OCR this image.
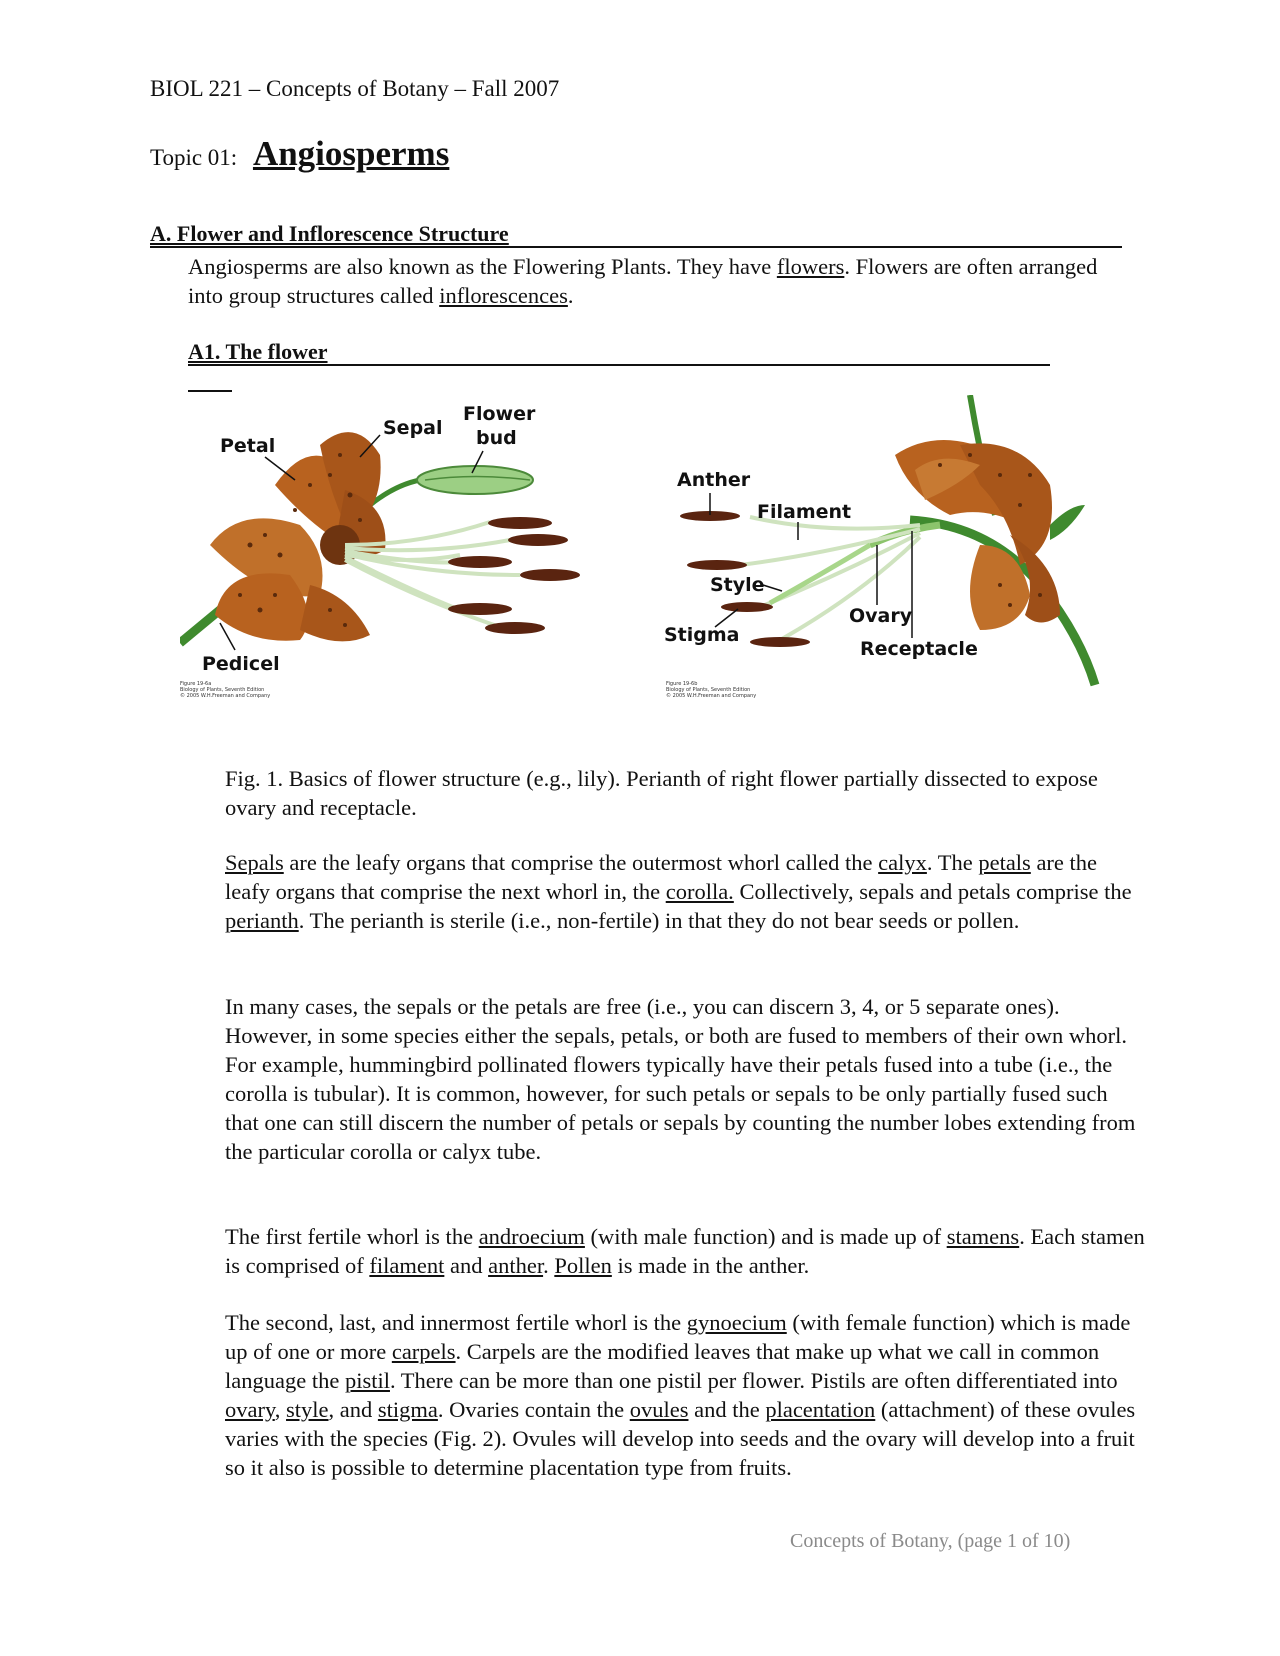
BIOL 221 – Concepts of Botany – Fall 2007
Topic 01: Angiosperms
A. Flower and Inflorescence Structure
Angiosperms are also known as the Flowering Plants. They have flowers. Flowers are often arranged into group structures called inflorescences.
A1. The flower
Petal
Sepal
Flower
bud
Pedicel
Figure 19-6a
Biology of Plants, Seventh Edition
© 2005 W.H.Freeman and Company
Anther
Filament
Style
Stigma
Ovary
Receptacle
Figure 19-6b
Biology of Plants, Seventh Edition
© 2005 W.H.Freeman and Company
Fig. 1. Basics of flower structure (e.g., lily). Perianth of right flower partially dissected to expose ovary and receptacle.
Sepals are the leafy organs that comprise the outermost whorl called the calyx. The petals are the leafy organs that comprise the next whorl in, the corolla. Collectively, sepals and petals comprise the perianth. The perianth is sterile (i.e., non-fertile) in that they do not bear seeds or pollen.
In many cases, the sepals or the petals are free (i.e., you can discern 3, 4, or 5 separate ones). However, in some species either the sepals, petals, or both are fused to members of their own whorl. For example, hummingbird pollinated flowers typically have their petals fused into a tube (i.e., the corolla is tubular). It is common, however, for such petals or sepals to be only partially fused such that one can still discern the number of petals or sepals by counting the number lobes extending from the particular corolla or calyx tube.
The first fertile whorl is the androecium (with male function) and is made up of stamens. Each stamen is comprised of filament and anther. Pollen is made in the anther.
The second, last, and innermost fertile whorl is the gynoecium (with female function) which is made up of one or more carpels. Carpels are the modified leaves that make up what we call in common language the pistil. There can be more than one pistil per flower. Pistils are often differentiated into ovary, style, and stigma. Ovaries contain the ovules and the placentation (attachment) of these ovules varies with the species (Fig. 2). Ovules will develop into seeds and the ovary will develop into a fruit so it also is possible to determine placentation type from fruits.
Concepts of Botany, (page 1 of 10)
